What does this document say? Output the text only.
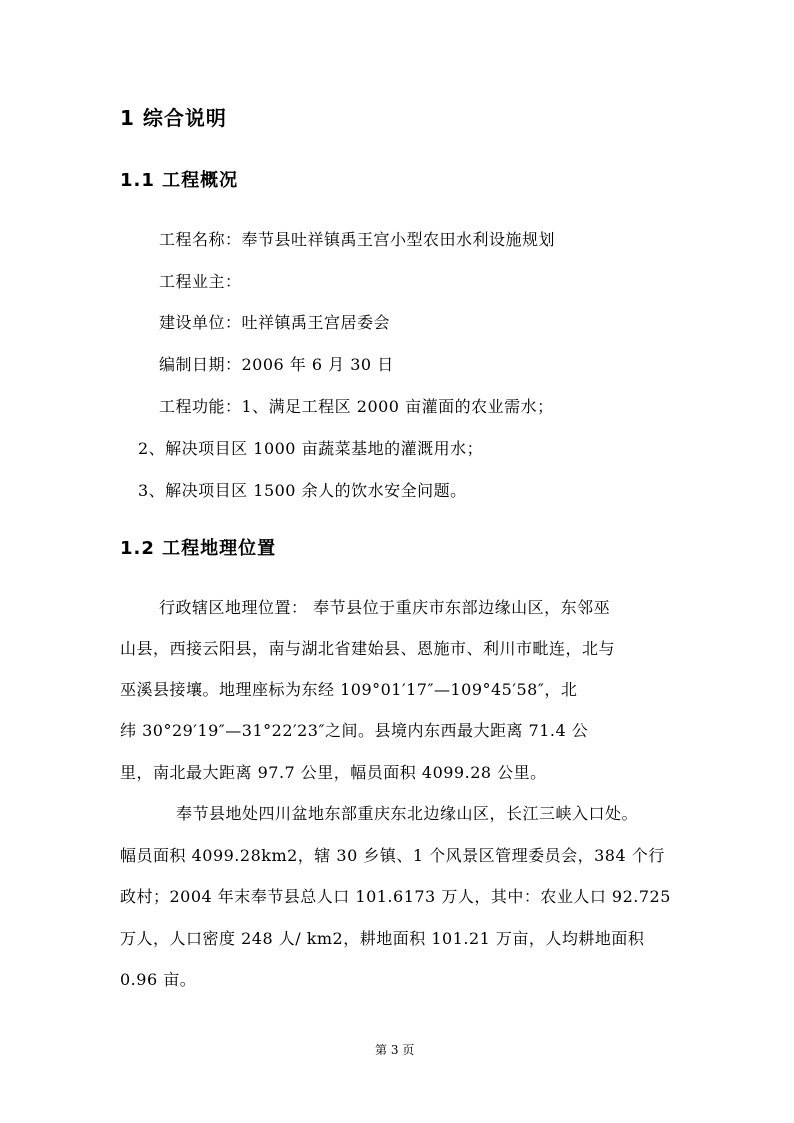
1 综合说明
1.1 工程概况
工程名称：奉节县吐祥镇禹王宫小型农田水利设施规划
工程业主：
建设单位：吐祥镇禹王宫居委会
编制日期：2006 年 6 月 30 日
工程功能：1、满足工程区 2000 亩灌面的农业需水；
2、解决项目区 1000 亩蔬菜基地的灌溉用水；
3、解决项目区 1500 余人的饮水安全问题。
1.2 工程地理位置
行政辖区地理位置： 奉节县位于重庆市东部边缘山区，东邻巫
山县，西接云阳县，南与湖北省建始县、恩施市、利川市毗连，北与
巫溪县接壤。地理座标为东经 109°01′17″—109°45′58″，北
纬 30°29′19″—31°22′23″之间。县境内东西最大距离 71.4 公
里，南北最大距离 97.7 公里，幅员面积 4099.28 公里。
奉节县地处四川盆地东部重庆东北边缘山区，长江三峡入口处。
幅员面积 4099.28km2，辖 30 乡镇、1 个风景区管理委员会，384 个行
政村；2004 年末奉节县总人口 101.6173 万人，其中：农业人口 92.725
万人，人口密度 248 人/ km2，耕地面积 101.21 万亩，人均耕地面积
0.96 亩。
第 3 页
